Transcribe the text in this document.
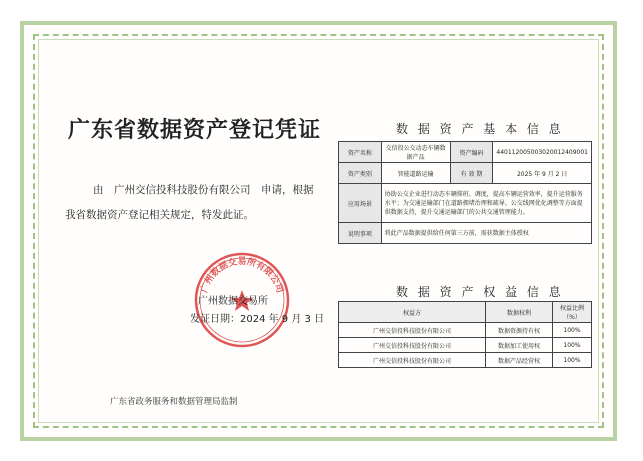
广东省数据资产登记凭证
由　广州交信投科技股份有限公司　申请，根据
我省数据资产登记相关规定，特发此证。
广州数据交易所有限公司
广州数据交易所
发证日期：2024 年 9 月 3 日
广东省政务服务和数据管理局监制
数 据 资 产 基 本 信 息
资产名称	交信投公交动态车辆数据产品	资产编码	440112005003020012409001
资产类别	智能道路运输	有 效 期	2025 年 9 月 2 日
应用场景	协助公交企业进行动态车辆排班、调度，提高车辆运营效率，提升运营服务水平；为交通运输部门在道路拥堵治理和疏导、公交线网优化调整等方面提供数据支持，提升交通运输部门的公共交通管理能力。		
说明事项	将此产品数据提供给任何第三方前，需获数据主体授权		
数 据 资 产 权 益 信 息
权益方	数据权利	权益比例（%）
广州交信投科技股份有限公司	数据资源持有权	100%
广州交信投科技股份有限公司	数据加工使用权	100%
广州交信投科技股份有限公司	数据产品经营权	100%
